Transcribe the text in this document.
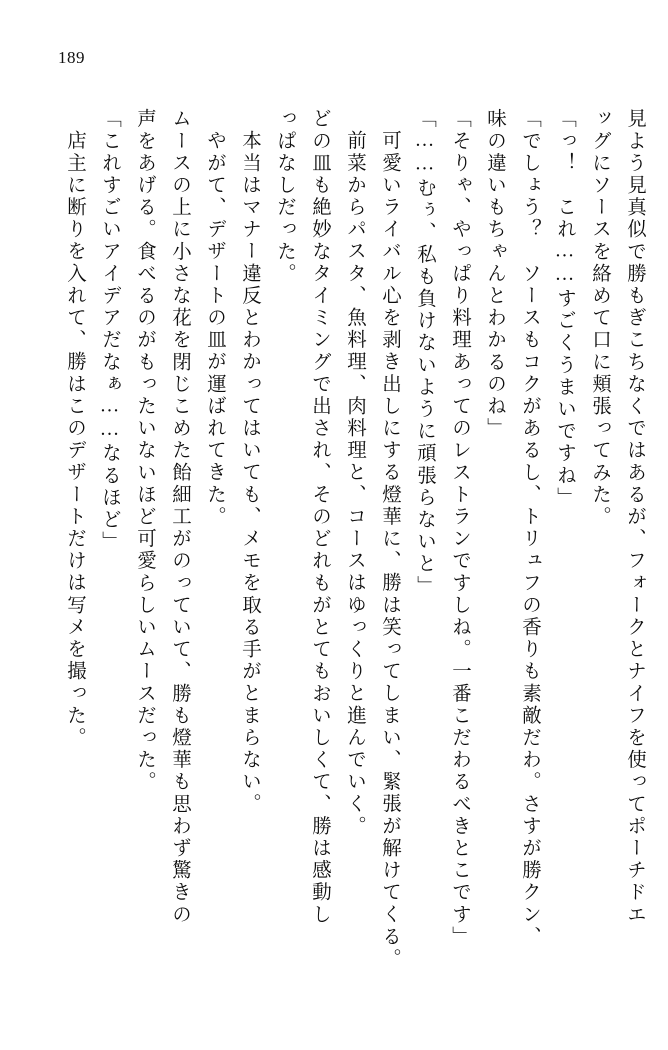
189
見よう見真似で勝もぎこちなくではあるが、フォークとナイフを使ってポーチドエ
ッグにソースを絡めて口に頬張ってみた。
「っ！　これ……すごくうまいですね」
「でしょう？　ソースもコクがあるし、トリュフの香りも素敵だわ。さすが勝クン、
味の違いもちゃんとわかるのね」
「そりゃ、やっぱり料理あってのレストランですしね。一番こだわるべきとこです」
「……むぅ、私も負けないように頑張らないと」
可愛いライバル心を剥き出しにする燈華に、勝は笑ってしまい、緊張が解けてくる。
前菜からパスタ、魚料理、肉料理と、コースはゆっくりと進んでいく。
どの皿も絶妙なタイミングで出され、そのどれもがとてもおいしくて、勝は感動し
っぱなしだった。
本当はマナー違反とわかってはいても、メモを取る手がとまらない。
やがて、デザートの皿が運ばれてきた。
ムースの上に小さな花を閉じこめた飴細工がのっていて、勝も燈華も思わず驚きの
声をあげる。食べるのがもったいないほど可愛らしいムースだった。
「これすごいアイデアだなぁ……なるほど」
店主に断りを入れて、勝はこのデザートだけは写メを撮った。
